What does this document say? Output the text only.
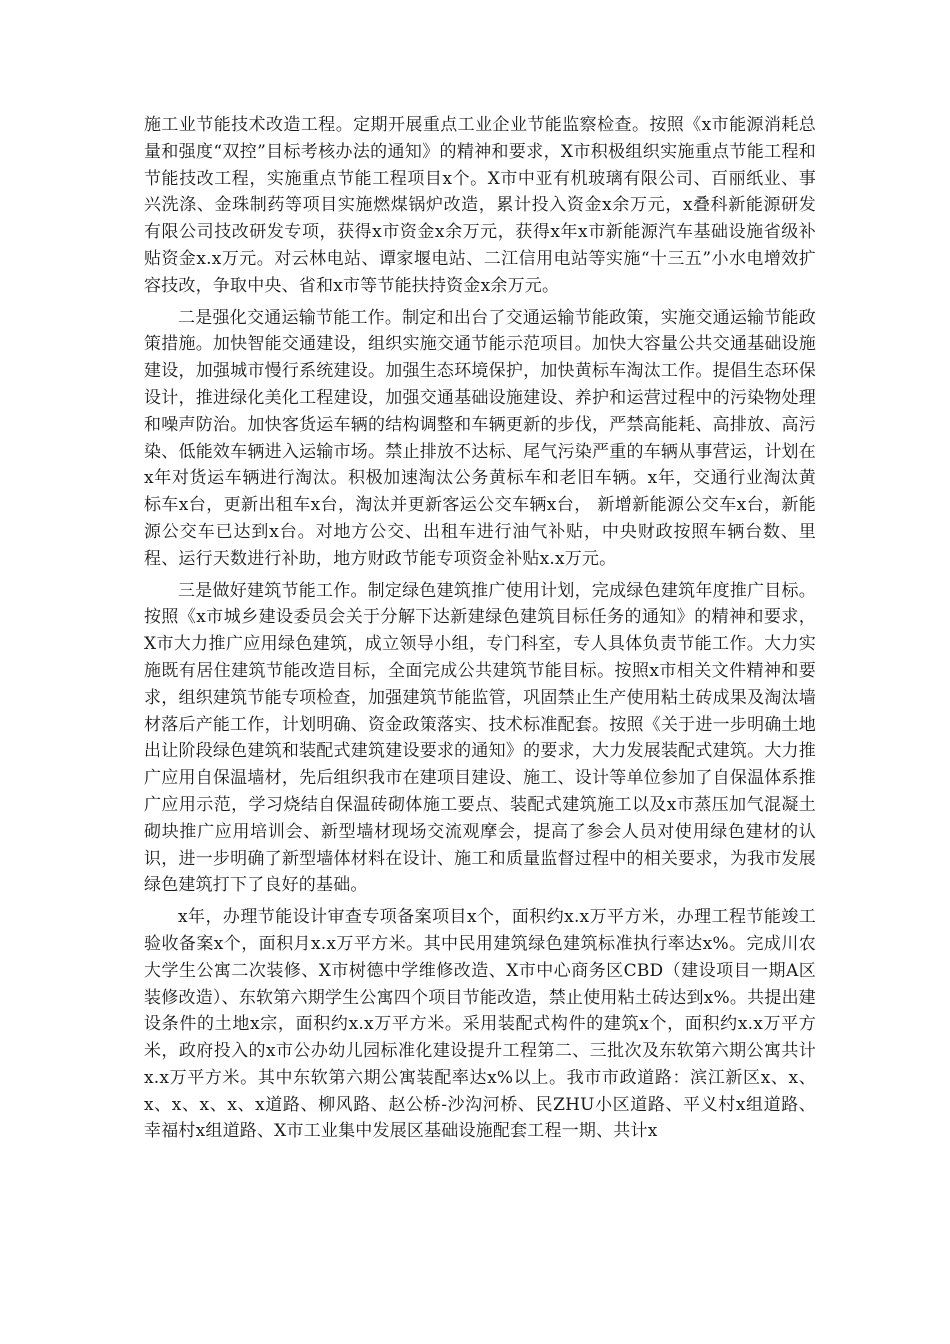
施工业节能技术改造工程。定期开展重点工业企业节能监察检查。按照《x市能源消耗总量和强度“双控”目标考核办法的通知》的精神和要求，X市积极组织实施重点节能工程和节能技改工程，实施重点节能工程项目x个。X市中亚有机玻璃有限公司、百丽纸业、事兴洗涤、金珠制药等项目实施燃煤锅炉改造，累计投入资金x余万元，x叠科新能源研发有限公司技改研发专项，获得x市资金x余万元，获得x年x市新能源汽车基础设施省级补贴资金x.x万元。对云林电站、谭家堰电站、二江信用电站等实施“十三五”小水电增效扩容技改，争取中央、省和x市等节能扶持资金x余万元。

二是强化交通运输节能工作。制定和出台了交通运输节能政策，实施交通运输节能政策措施。加快智能交通建设，组织实施交通节能示范项目。加快大容量公共交通基础设施建设，加强城市慢行系统建设。加强生态环境保护，加快黄标车淘汰工作。提倡生态环保设计，推进绿化美化工程建设，加强交通基础设施建设、养护和运营过程中的污染物处理和噪声防治。加快客货运车辆的结构调整和车辆更新的步伐，严禁高能耗、高排放、高污染、低能效车辆进入运输市场。禁止排放不达标、尾气污染严重的车辆从事营运，计划在x年对货运车辆进行淘汰。积极加速淘汰公务黄标车和老旧车辆。x年，交通行业淘汰黄标车x台，更新出租车x台，淘汰并更新客运公交车辆x台， 新增新能源公交车x台，新能源公交车已达到x台。对地方公交、出租车进行油气补贴，中央财政按照车辆台数、里程、运行天数进行补助，地方财政节能专项资金补贴x.x万元。

三是做好建筑节能工作。制定绿色建筑推广使用计划，完成绿色建筑年度推广目标。按照《x市城乡建设委员会关于分解下达新建绿色建筑目标任务的通知》的精神和要求，X市大力推广应用绿色建筑，成立领导小组，专门科室，专人具体负责节能工作。大力实施既有居住建筑节能改造目标，全面完成公共建筑节能目标。按照x市相关文件精神和要求，组织建筑节能专项检查，加强建筑节能监管，巩固禁止生产使用粘土砖成果及淘汰墙材落后产能工作，计划明确、资金政策落实、技术标准配套。按照《关于进一步明确土地出让阶段绿色建筑和装配式建筑建设要求的通知》的要求，大力发展装配式建筑。大力推广应用自保温墙材，先后组织我市在建项目建设、施工、设计等单位参加了自保温体系推广应用示范，学习烧结自保温砖砌体施工要点、装配式建筑施工以及x市蒸压加气混凝土砌块推广应用培训会、新型墙材现场交流观摩会，提高了参会人员对使用绿色建材的认识，进一步明确了新型墙体材料在设计、施工和质量监督过程中的相关要求，为我市发展绿色建筑打下了良好的基础。

x年，办理节能设计审查专项备案项目x个，面积约x.x万平方米，办理工程节能竣工验收备案x个，面积月x.x万平方米。其中民用建筑绿色建筑标准执行率达x%。完成川农大学生公寓二次装修、X市树德中学维修改造、X市中心商务区CBD（建设项目一期A区装修改造）、东软第六期学生公寓四个项目节能改造，禁止使用粘土砖达到x%。共提出建设条件的土地x宗，面积约x.x万平方米。采用装配式构件的建筑x个，面积约x.x万平方米，政府投入的x市公办幼儿园标准化建设提升工程第二、三批次及东软第六期公寓共计x.x万平方米。其中东软第六期公寓装配率达x%以上。我市市政道路：滨江新区x、x、x、x、x、x、x道路、柳风路、赵公桥-沙沟河桥、民ZHU小区道路、平义村x组道路、幸福村x组道路、X市工业集中发展区基础设施配套工程一期、共计x
